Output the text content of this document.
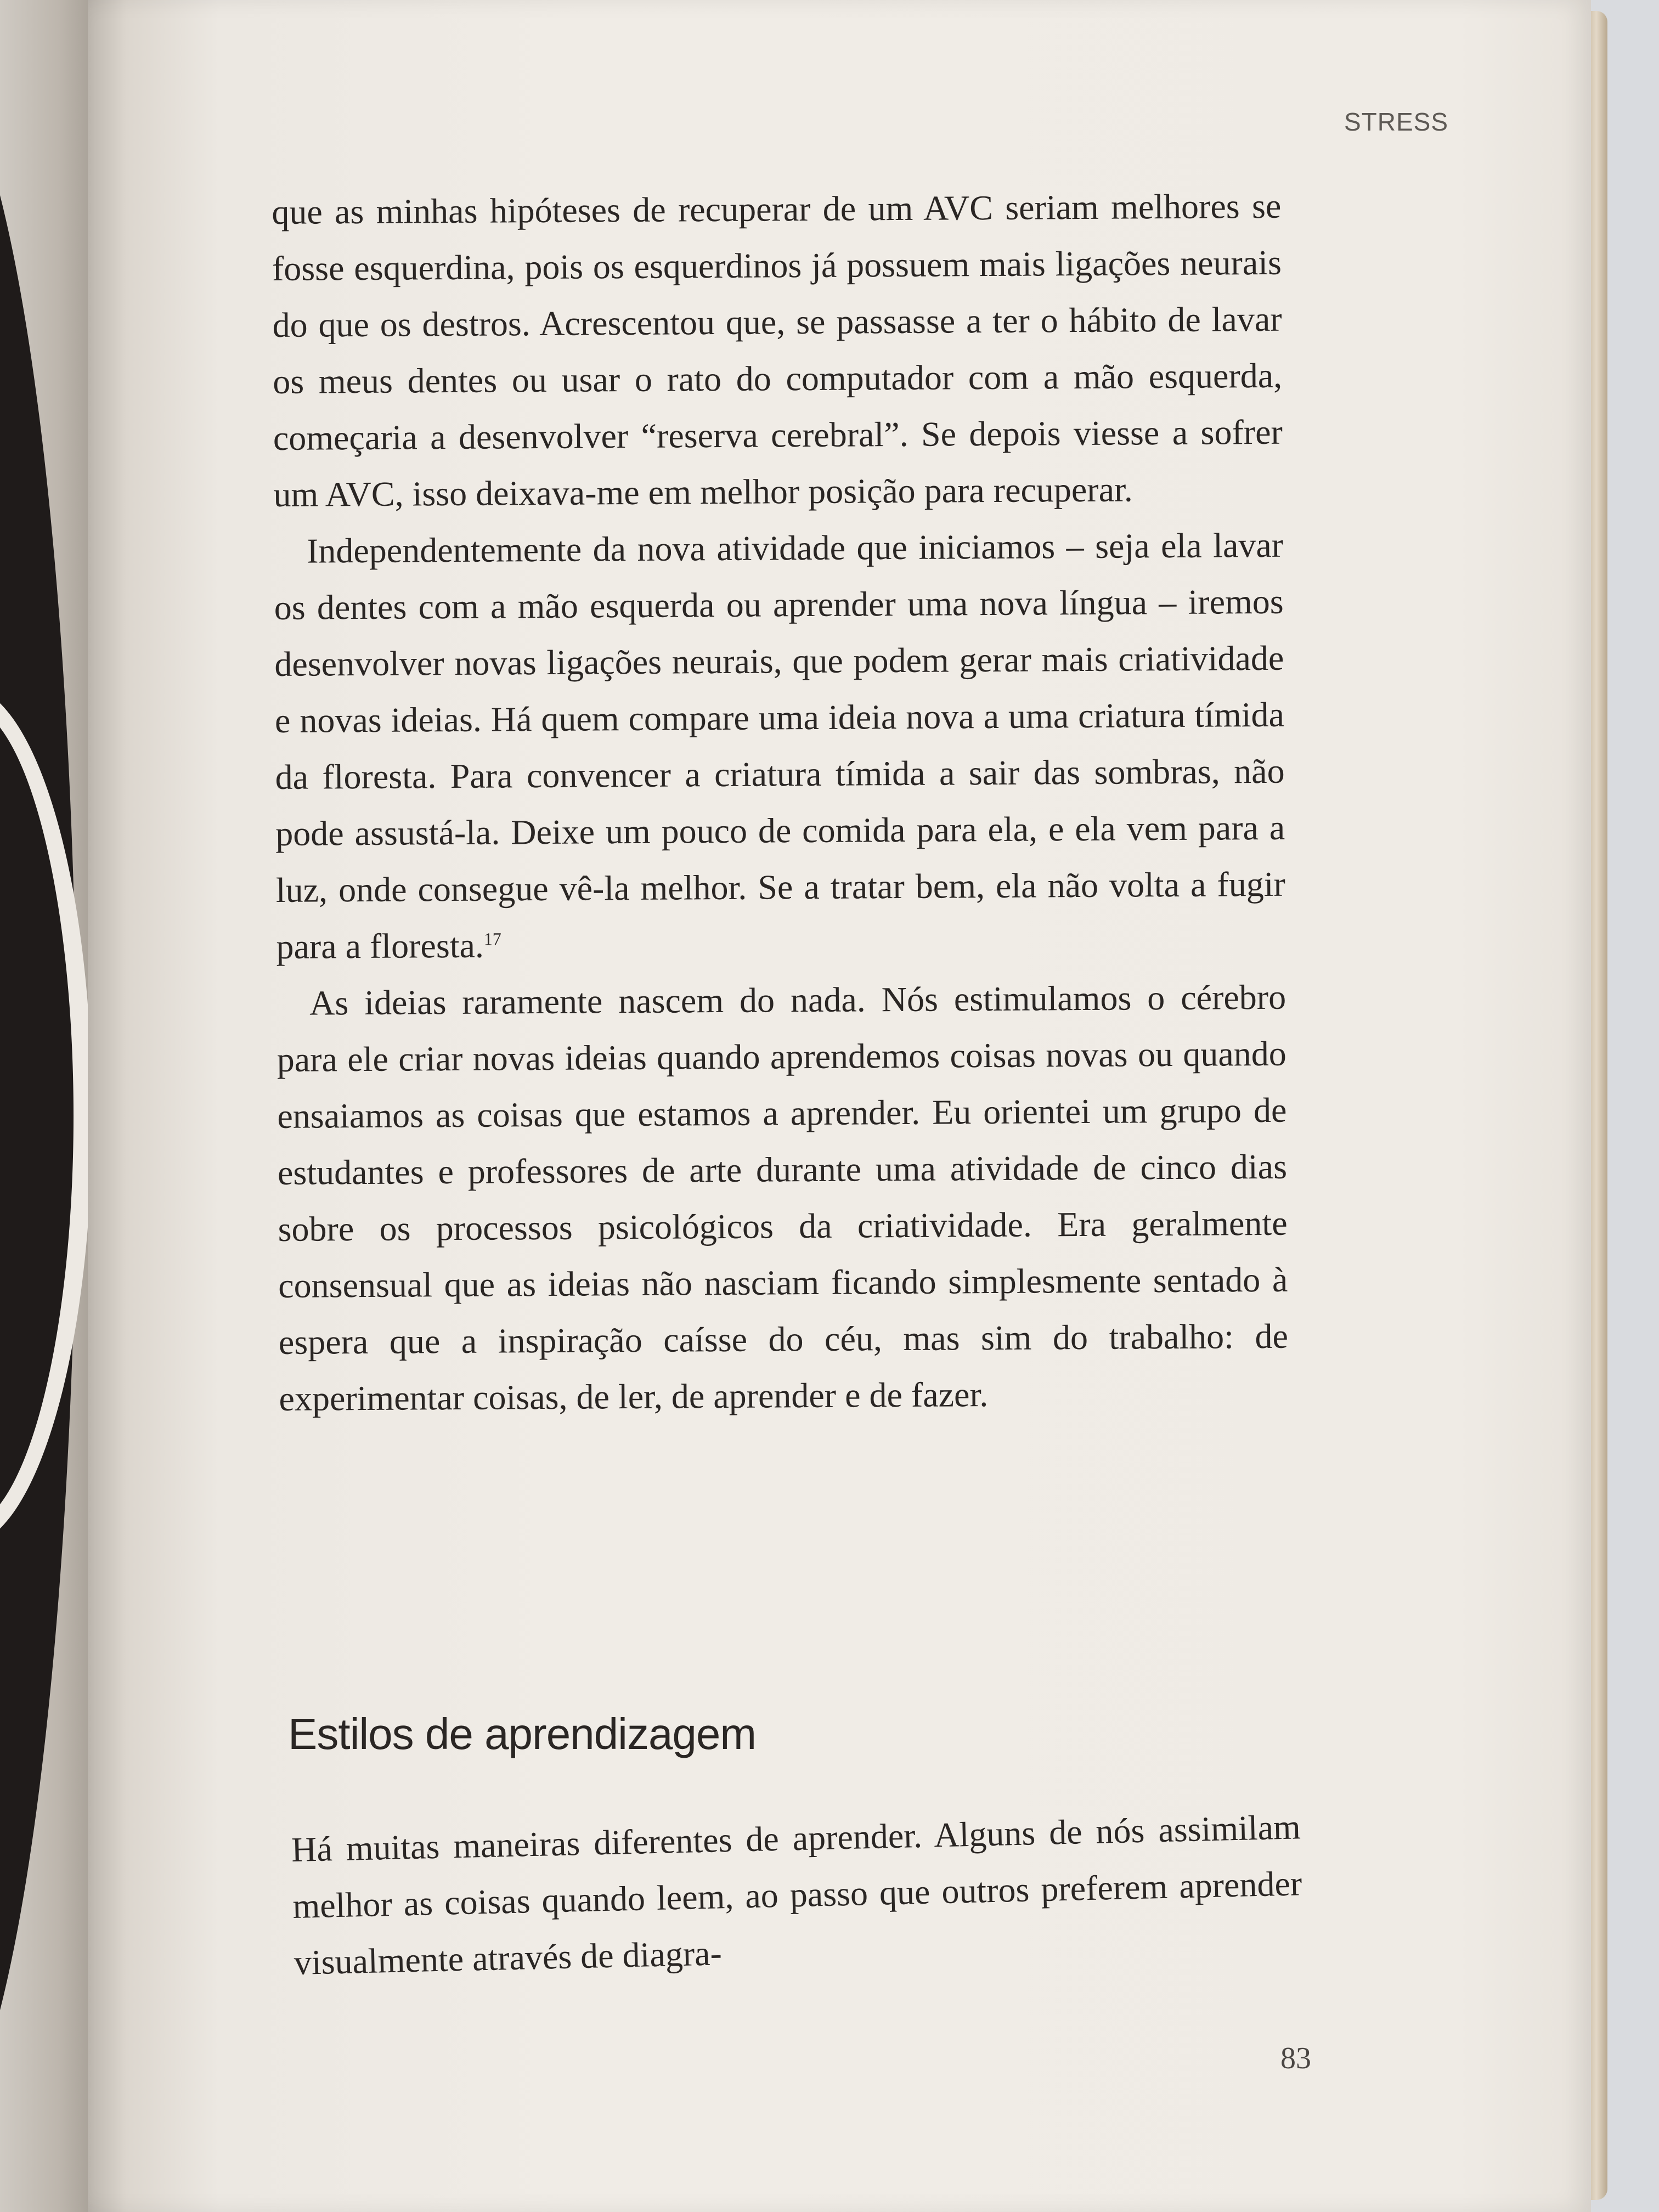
STRESS

que as minhas hipóteses de recuperar de um AVC seriam melhores se fosse esquerdina, pois os esquerdinos já possuem mais ligações neurais do que os destros. Acrescentou que, se passasse a ter o hábito de lavar os meus dentes ou usar o rato do computador com a mão esquerda, começaria a desenvolver “reserva cerebral”. Se depois viesse a sofrer um AVC, isso deixava-me em melhor posição para recuperar.

Independentemente da nova atividade que iniciamos – seja ela lavar os dentes com a mão esquerda ou aprender uma nova língua – iremos desenvolver novas ligações neurais, que podem gerar mais criatividade e novas ideias. Há quem compare uma ideia nova a uma criatura tímida da floresta. Para convencer a criatura tímida a sair das sombras, não pode assustá-la. Deixe um pouco de comida para ela, e ela vem para a luz, onde consegue vê-la melhor. Se a tratar bem, ela não volta a fugir para a floresta.$^{17}$

As ideias raramente nascem do nada. Nós estimulamos o cérebro para ele criar novas ideias quando aprendemos coisas novas ou quando ensaiamos as coisas que estamos a aprender. Eu orientei um grupo de estudantes e professores de arte durante uma atividade de cinco dias sobre os processos psicológicos da criatividade. Era geralmente consensual que as ideias não nasciam ficando simplesmente sentado à espera que a inspiração caísse do céu, mas sim do trabalho: de experimentar coisas, de ler, de aprender e de fazer.

Estilos de aprendizagem

Há muitas maneiras diferentes de aprender. Alguns de nós assimilam melhor as coisas quando leem, ao passo que outros preferem aprender visualmente através de diagra-

83
